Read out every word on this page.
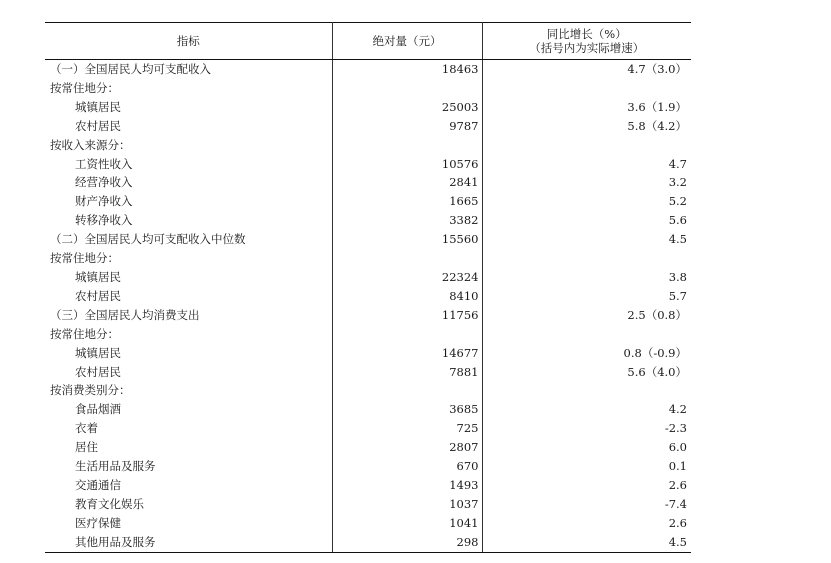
指标	绝对量（元）	同比增长（%）
（括号内为实际增速）

（一）全国居民人均可支配收入	18463	4.7（3.0）
按常住地分：		
城镇居民	25003	3.6（1.9）
农村居民	9787	5.8（4.2）
按收入来源分：		
工资性收入	10576	4.7
经营净收入	2841	3.2
财产净收入	1665	5.2
转移净收入	3382	5.6
（二）全国居民人均可支配收入中位数	15560	4.5
按常住地分：		
城镇居民	22324	3.8
农村居民	8410	5.7
（三）全国居民人均消费支出	11756	2.5（0.8）
按常住地分：		
城镇居民	14677	0.8（-0.9）
农村居民	7881	5.6（4.0）
按消费类别分：		
食品烟酒	3685	4.2
衣着	725	-2.3
居住	2807	6.0
生活用品及服务	670	0.1
交通通信	1493	2.6
教育文化娱乐	1037	-7.4
医疗保健	1041	2.6
其他用品及服务	298	4.5
